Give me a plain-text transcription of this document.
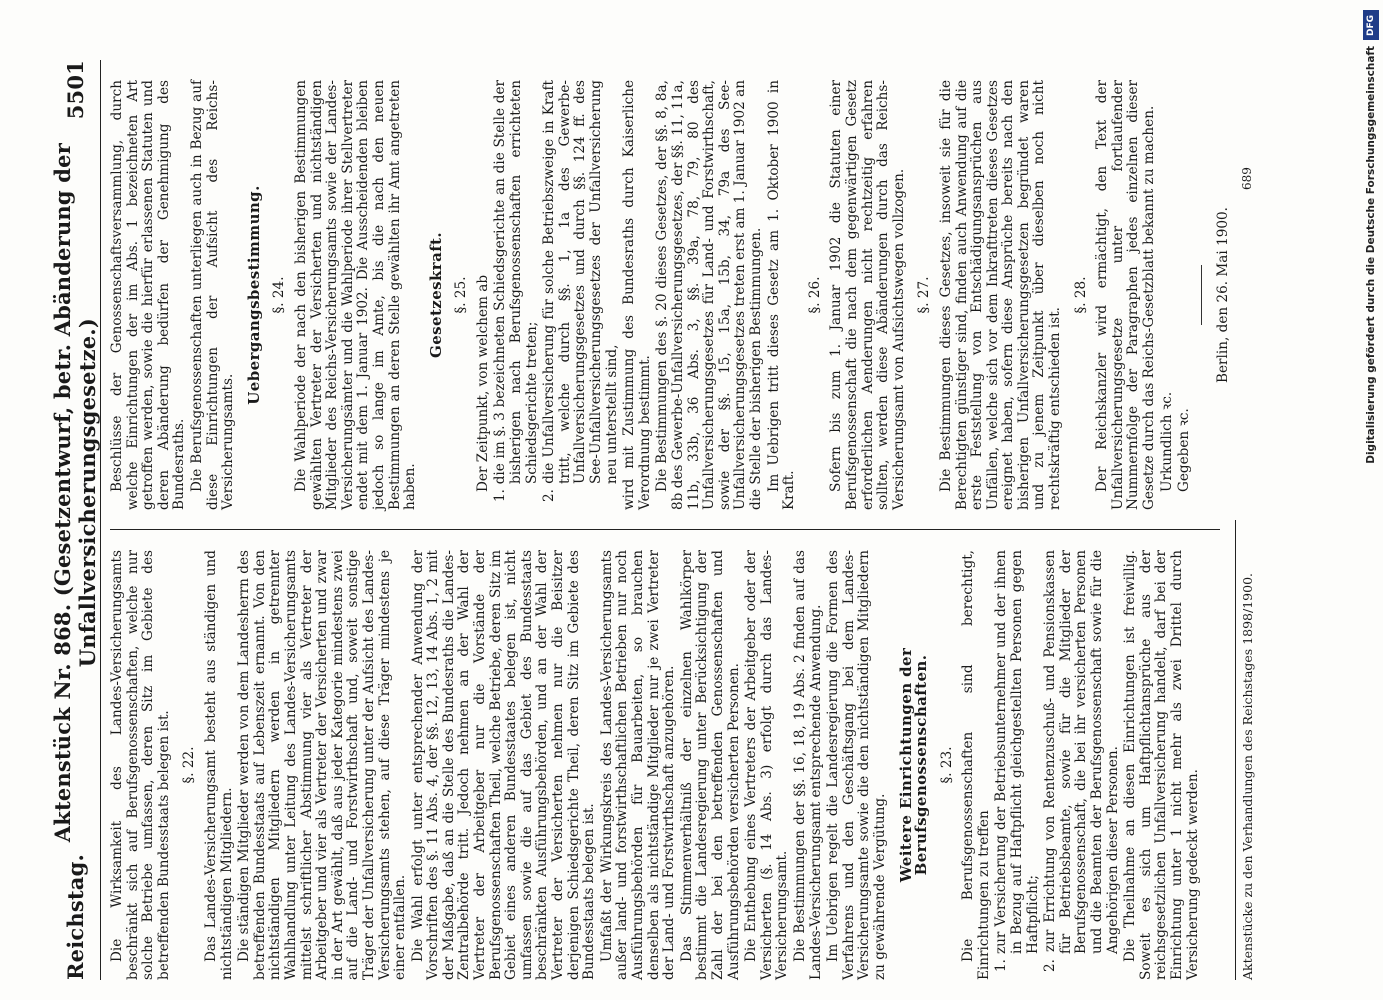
Reichstag.
Aktenstück Nr. 868. (Gesetzentwurf, betr. Abänderung der Unfallversicherungsgesetze.)
5501

Die Wirksamkeit des Landes-Versicherungsamts beschränkt sich auf Berufsgenossenschaften, welche nur solche Betriebe umfassen, deren Sitz im Gebiete des betreffenden Bundesstaats belegen ist. §. 22. Das Landes-Versicherungsamt besteht aus ständigen und nichtständigen Mitgliedern. Die ständigen Mitglieder werden von dem Landesherrn des betreffenden Bundesstaats auf Lebenszeit ernannt. Von den nichtständigen Mitgliedern werden in getrennter Wahlhandlung unter Leitung des Landes-Versicherungsamts mittelst schriftlicher Abstimmung vier als Vertreter der Arbeitgeber und vier als Vertreter der Versicherten und zwar in der Art gewählt, daß aus jeder Kategorie mindestens zwei auf die Land- und Forstwirthschaft und, soweit sonstige Träger der Unfallversicherung unter der Aufsicht des Landes-Versicherungsamts stehen, auf diese Träger mindestens je einer entfallen. Die Wahl erfolgt unter entsprechender Anwendung der Vorschriften des §. 11 Abs. 4, der §§. 12, 13, 14 Abs. 1, 2 mit der Maßgabe, daß an die Stelle des Bundesraths die Landes-Zentralbehörde tritt. Jedoch nehmen an der Wahl der Vertreter der Arbeitgeber nur die Vorstände der Berufsgenossenschaften Theil, welche Betriebe, deren Sitz im Gebiet eines anderen Bundesstaates belegen ist, nicht umfassen sowie die auf das Gebiet des Bundesstaats beschränkten Ausführungsbehörden, und an der Wahl der Vertreter der Versicherten nehmen nur die Beisitzer derjenigen Schiedsgerichte Theil, deren Sitz im Gebiete des Bundesstaats belegen ist. Umfaßt der Wirkungskreis des Landes-Versicherungsamts außer land- und forstwirthschaftlichen Betrieben nur noch Ausführungsbehörden für Bauarbeiten, so brauchen denselben als nichtständige Mitglieder nur je zwei Vertreter der Land- und Forstwirthschaft anzugehören. Das Stimmenverhältniß der einzelnen Wahlkörper bestimmt die Landesregierung unter Berücksichtigung der Zahl der bei den betreffenden Genossenschaften und Ausführungsbehörden versicherten Personen. Die Enthebung eines Vertreters der Arbeitgeber oder der Versicherten (§. 14 Abs. 3) erfolgt durch das Landes-Versicherungsamt. Die Bestimmungen der §§. 16, 18, 19 Abs. 2 finden auf das Landes-Versicherungsamt entsprechende Anwendung. Im Uebrigen regelt die Landesregierung die Formen des Verfahrens und den Geschäftsgang bei dem Landes-Versicherungsamte sowie die den nichtständigen Mitgliedern zu gewährende Vergütung.

Weitere Einrichtungen der Berufsgenossenschaften. §. 23. Die Berufsgenossenschaften sind berechtigt, Einrichtungen zu treffen 1. zur Versicherung der Betriebsunternehmer und der ihnen in Bezug auf Haftpflicht gleichgestellten Personen gegen Haftpflicht; 2. zur Errichtung von Rentenzuschuß- und Pensionskassen für Betriebsbeamte, sowie für die Mitglieder der Berufsgenossenschaft, die bei ihr versicherten Personen und die Beamten der Berufsgenossenschaft sowie für die Angehörigen dieser Personen. Die Theilnahme an diesen Einrichtungen ist freiwillig. Soweit es sich um Haftpflichtansprüche aus der reichsgesetzlichen Unfallversicherung handelt, darf bei der Einrichtung unter 1 nicht mehr als zwei Drittel durch Versicherung gedeckt werden.

Beschlüsse der Genossenschaftsversammlung, durch welche Einrichtungen der im Abs. 1 bezeichneten Art getroffen werden, sowie die hierfür erlassenen Statuten und deren Abänderung bedürfen der Genehmigung des Bundesraths. Die Berufsgenossenschaften unterliegen auch in Bezug auf diese Einrichtungen der Aufsicht des Reichs-Versicherungsamts.

Uebergangsbestimmung. §. 24. Die Wahlperiode der nach den bisherigen Bestimmungen gewählten Vertreter der Versicherten und nichtständigen Mitglieder des Reichs-Versicherungsamts sowie der Landes-Versicherungsämter und die Wahlperiode ihrer Stellvertreter endet mit dem 1. Januar 1902. Die Ausscheidenden bleiben jedoch so lange im Amte, bis die nach den neuen Bestimmungen an deren Stelle gewählten ihr Amt angetreten haben.

Gesetzeskraft. §. 25. Der Zeitpunkt, von welchem ab 1. die im §. 3 bezeichneten Schiedsgerichte an die Stelle der bisherigen nach Berufsgenossenschaften errichteten Schiedsgerichte treten; 2. die Unfallversicherung für solche Betriebszweige in Kraft tritt, welche durch §§. 1, 1a des Gewerbe-Unfallversicherungsgesetzes und durch §§. 124 ff. des See-Unfallversicherungsgesetzes der Unfallversicherung neu unterstellt sind, wird mit Zustimmung des Bundesraths durch Kaiserliche Verordnung bestimmt. Die Bestimmungen des §. 20 dieses Gesetzes, der §§. 8, 8a, 8b des Gewerbe-Unfallversicherungsgesetzes, der §§. 11, 11a, 11b, 33b, 36 Abs. 3, §§. 39a, 78, 79, 80 des Unfallversicherungsgesetzes für Land- und Forstwirthschaft, sowie der §§. 15, 15a, 15b, 34, 79a des See-Unfallversicherungsgesetzes treten erst am 1. Januar 1902 an die Stelle der bisherigen Bestimmungen. Im Uebrigen tritt dieses Gesetz am 1. Oktober 1900 in Kraft.

§. 26. Sofern bis zum 1. Januar 1902 die Statuten einer Berufsgenossenschaft die nach dem gegenwärtigen Gesetz erforderlichen Aenderungen nicht rechtzeitig erfahren sollten, werden diese Abänderungen durch das Reichs-Versicherungsamt von Aufsichtswegen vollzogen. §. 27. Die Bestimmungen dieses Gesetzes, insoweit sie für die Berechtigten günstiger sind, finden auch Anwendung auf die erste Feststellung von Entschädigungsansprüchen aus Unfällen, welche sich vor dem Inkrafttreten dieses Gesetzes ereignet haben, sofern diese Ansprüche bereits nach den bisherigen Unfallversicherungsgesetzen begründet waren und zu jenem Zeitpunkt über dieselben noch nicht rechtskräftig entschieden ist.

§. 28. Der Reichskanzler wird ermächtigt, den Text der Unfallversicherungsgesetze unter fortlaufender Nummernfolge der Paragraphen jedes einzelnen dieser Gesetze durch das Reichs-Gesetzblatt bekannt zu machen. Urkundlich ꝛc. Gegeben ꝛc.
Berlin, den 26. Mai 1900.
Aktenstücke zu den Verhandlungen des Reichstages 1898/1900.
689
DFG
Digitalisierung gefördert durch die Deutsche Forschungsgemeinschaft
